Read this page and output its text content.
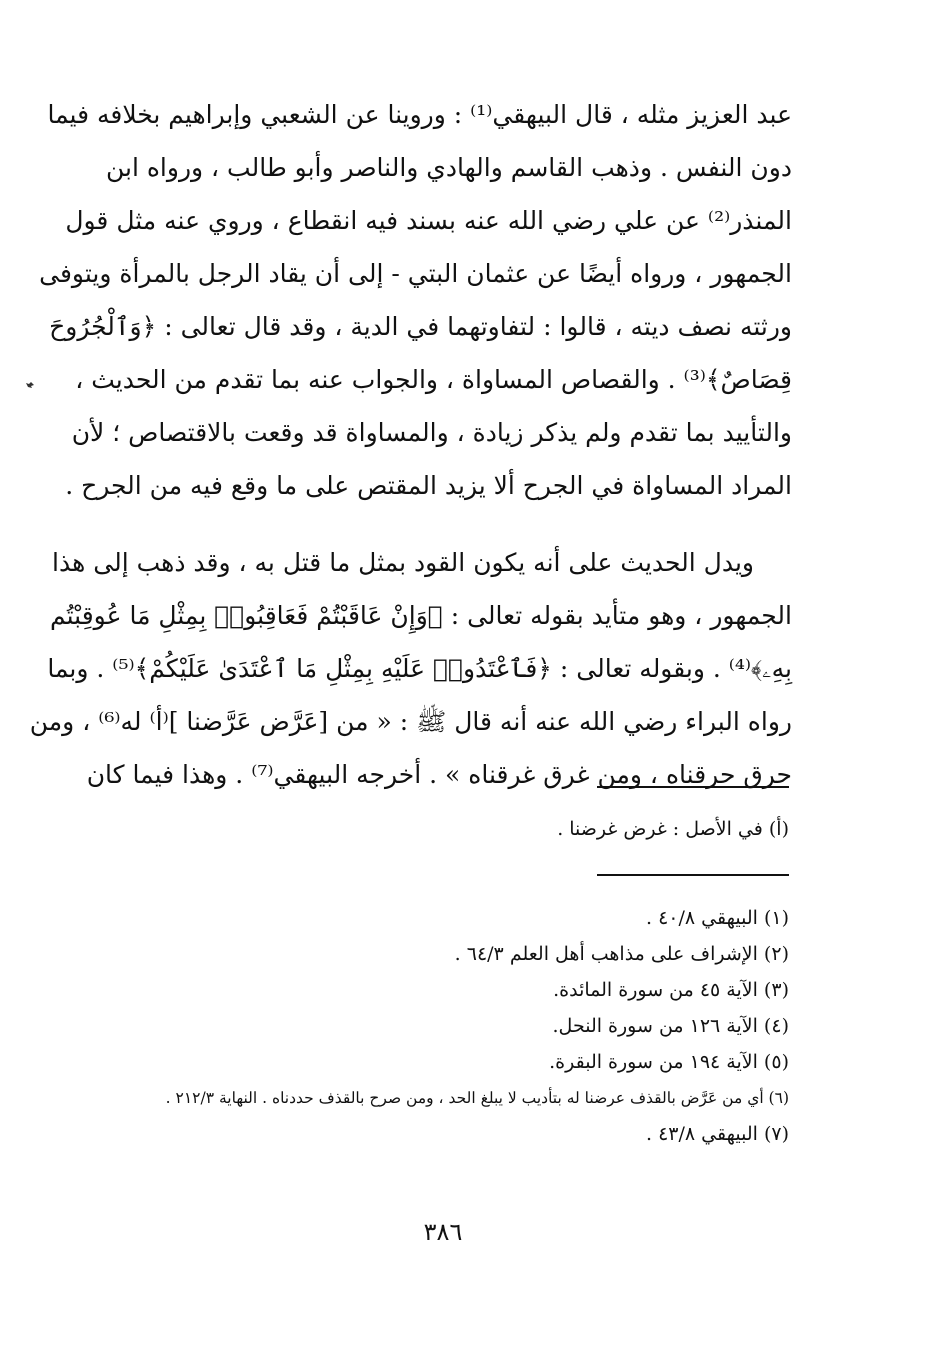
عبد العزيز مثله ، قال البيهقي⁽¹⁾ : وروينا عن الشعبي وإبراهيم بخلافه فيما
دون النفس . وذهب القاسم والهادي والناصر وأبو طالب ، ورواه ابن
المنذر⁽²⁾ عن علي رضي الله عنه بسند فيه انقطاع ، وروي عنه مثل قول
الجمهور ، ورواه أيضًا عن عثمان البتي - إلى أن يقاد الرجل بالمرأة ويتوفى
ورثته نصف ديته ، قالوا : لتفاوتهما في الدية ، وقد قال تعالى : ﴿وَٱلْجُرُوحَ
قِصَاصٌ﴾⁽³⁾ . والقصاص المساواة ، والجواب عنه بما تقدم من الحديث ،
والتأييد بما تقدم ولم يذكر زيادة ، والمساواة قد وقعت بالاقتصاص ؛ لأن
المراد المساواة في الجرح ألا يزيد المقتص على ما وقع فيه من الجرح .
ويدل الحديث على أنه يكون القود بمثل ما قتل به ، وقد ذهب إلى هذا
الجمهور ، وهو متأيد بقوله تعالى : ﴿وَإِنْ عَاقَبْتُمْ فَعَاقِبُوا۟ بِمِثْلِ مَا عُوقِبْتُم
بِهِۦ﴾⁽⁴⁾ . وبقوله تعالى : ﴿فَٱعْتَدُوا۟ عَلَيْهِ بِمِثْلِ مَا ٱعْتَدَىٰ عَلَيْكُمْ﴾⁽⁵⁾ . وبما
رواه البراء رضي الله عنه أنه قال ﷺ : « من [عَرَّض عَرَّضنا ]⁽أ⁾ له⁽⁶⁾ ، ومن
حرق حرقناه ، ومن غرق غرقناه » . أخرجه البيهقي⁽⁷⁾ . وهذا فيما كان
(أ) في الأصل : غرض غرضنا .
(١) البيهقي ٤٠/٨ .
(٢) الإشراف على مذاهب أهل العلم ٦٤/٣ .
(٣) الآية ٤٥ من سورة المائدة.
(٤) الآية ١٢٦ من سورة النحل.
(٥) الآية ١٩٤ من سورة البقرة.
(٦) أي من عَرَّض بالقذف عرضنا له بتأديب لا يبلغ الحد ، ومن صرح بالقذف حددناه . النهاية ٢١٢/٣ .
(٧) البيهقي ٤٣/٨ .
٣٨٦
